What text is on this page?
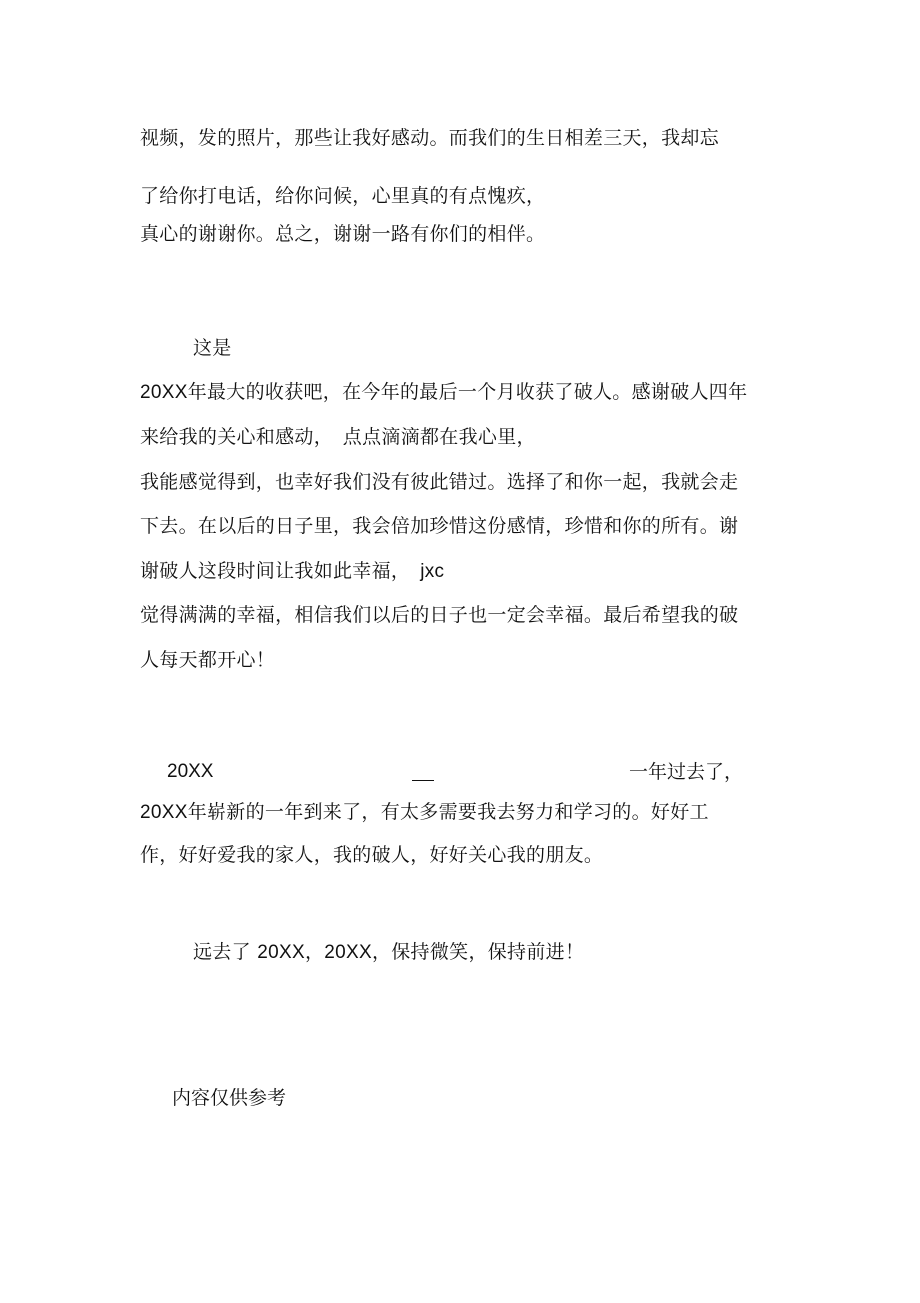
视频，发的照片，那些让我好感动。而我们的生日相差三天，我却忘
了给你打电话，给你问候，心里真的有点愧疚，
真心的谢谢你。总之，谢谢一路有你们的相伴。
这是
20XX年最大的收获吧，在今年的最后一个月收获了破人。感谢破人四年
来给我的关心和感动，　点点滴滴都在我心里，
我能感觉得到，也幸好我们没有彼此错过。选择了和你一起，我就会走
下去。在以后的日子里，我会倍加珍惜这份感情，珍惜和你的所有。谢
谢破人这段时间让我如此幸福， jxc
觉得满满的幸福，相信我们以后的日子也一定会幸福。最后希望我的破
人每天都开心！
20XX	一年过去了，
20XX年崭新的一年到来了，有太多需要我去努力和学习的。好好工
作，好好爱我的家人，我的破人，好好关心我的朋友。
远去了 20XX，20XX，保持微笑，保持前进！
内容仅供参考
